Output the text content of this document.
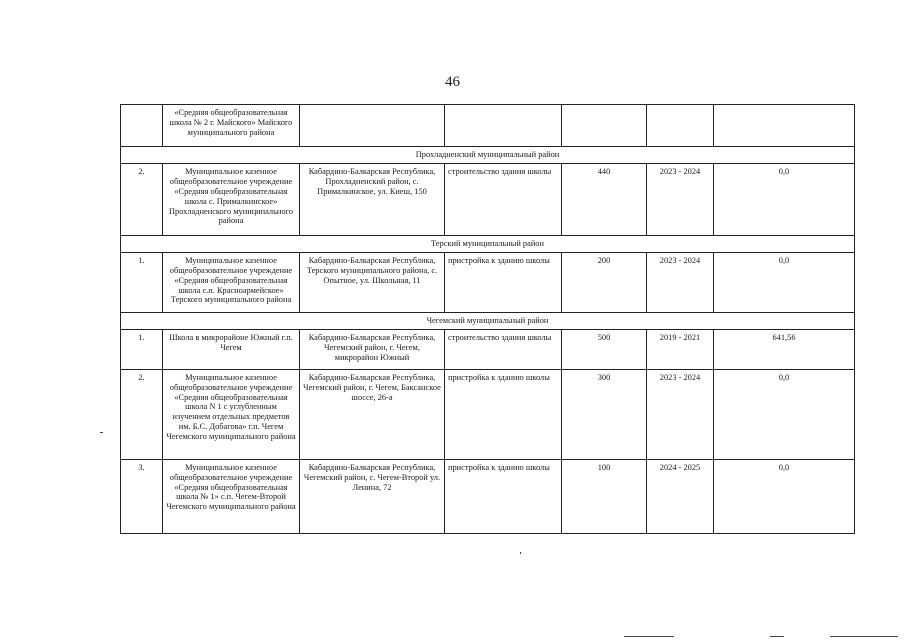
46
	«Средняя общеобразовательная школа № 2 г. Майского» Майского муниципального района					
Прохладненский муниципальный район						
2.	Муниципальное казенное общеобразовательное учреждение «Средняя общеобразовательная школа с. Прималкинское» Прохладненского муниципального района	Кабардино-Балкарская Республика, Прохладненский район, с. Прималкинское, ул. Киеш, 150	строительство здания школы	440	2023 - 2024	0,0
Терский муниципальный район						
1.	Муниципальное казенное общеобразовательное учреждение «Средняя общеобразовательная школа с.п. Красноармейское» Терского муниципального района	Кабардино-Балкарская Республика, Терского муниципального района, с. Опытное, ул. Школьная, 11	пристройка к зданию школы	200	2023 - 2024	0,0
Чегемский муниципальный район						
1.	Школа в микрорайоне Южный г.п. Чегем	Кабардино-Балкарская Республика, Чегемский район, г. Чегем, микрорайон Южный	строительство здания школы	500	2019 - 2021	641,56
2.	Муниципальное казенное общеобразовательное учреждение «Средняя общеобразовательная школа N 1 с углубленным изучением отдельных предметов им. Б.С. Добагова» г.п. Чегем Чегемского муниципального района	Кабардино-Балкарская Республика, Чегемский район, г. Чегем, Баксанское шоссе, 26-а	пристройка к зданию школы	300	2023 - 2024	0,0
3.	Муниципальное казенное общеобразовательное учреждение «Средняя общеобразовательная школа № 1» с.п. Чегем-Второй Чегемского муниципального района	Кабардино-Балкарская Республика, Чегемский район, с. Чегем-Второй ул. Ленина, 72	пристройка к зданию школы	100	2024 - 2025	0,0
